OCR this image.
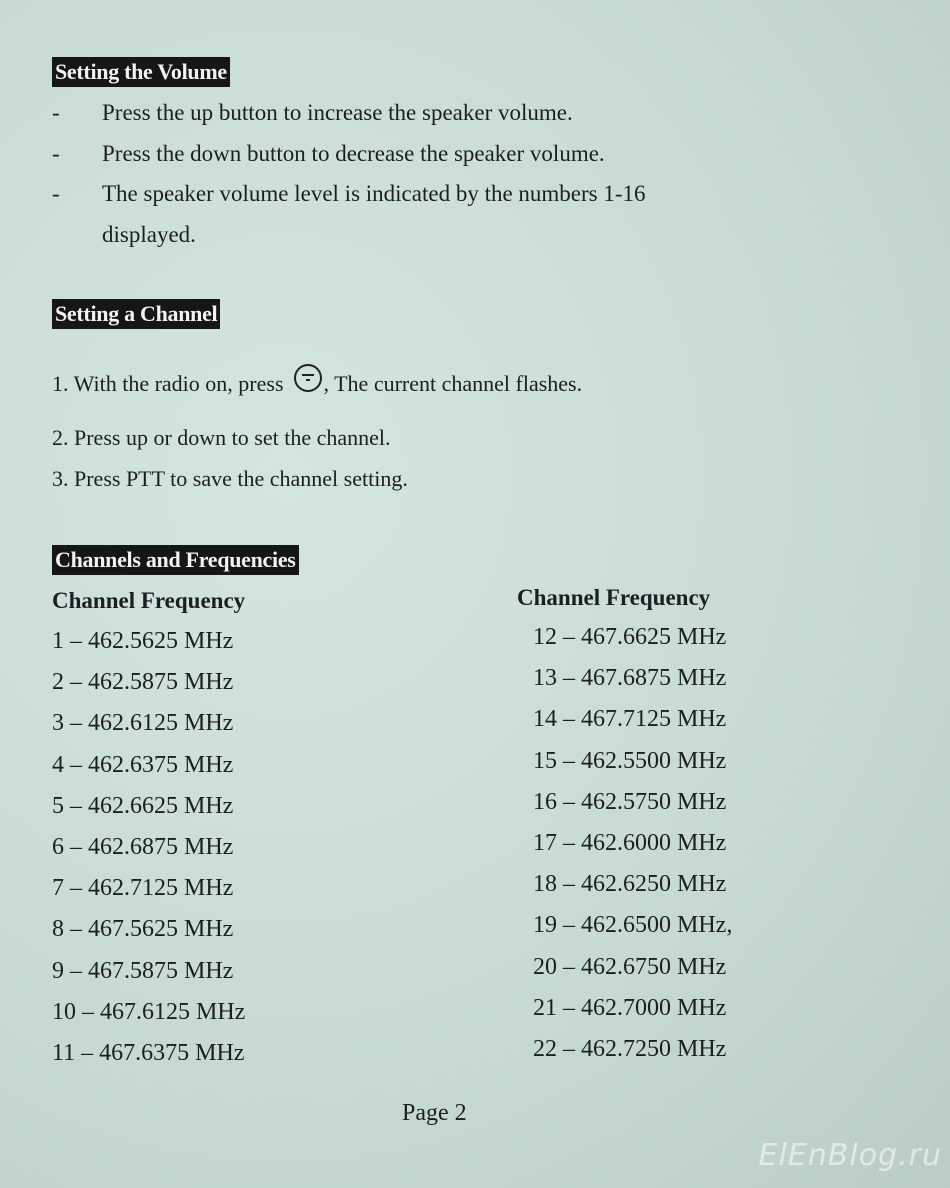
Setting the Volume
- Press the up button to increase the speaker volume.
- Press the down button to decrease the speaker volume.
- The speaker volume level is indicated by the numbers 1-16
displayed.
Setting a Channel
1. With the radio on, press , The current channel flashes.
2. Press up or down to set the channel.
3. Press PTT to save the channel setting.
Channels and Frequencies
Channel Frequency	Channel Frequency
1 – 462.5625 MHz
2 – 462.5875 MHz
3 – 462.6125 MHz
4 – 462.6375 MHz
5 – 462.6625 MHz
6 – 462.6875 MHz
7 – 462.7125 MHz
8 – 467.5625 MHz
9 – 467.5875 MHz
10 – 467.6125 MHz
11 – 467.6375 MHz
12 – 467.6625 MHz
13 – 467.6875 MHz
14 – 467.7125 MHz
15 – 462.5500 MHz
16 – 462.5750 MHz
17 – 462.6000 MHz
18 – 462.6250 MHz
19 – 462.6500 MHz,
20 – 462.6750 MHz
21 – 462.7000 MHz
22 – 462.7250 MHz
Page 2
ElEnBlog.ru
